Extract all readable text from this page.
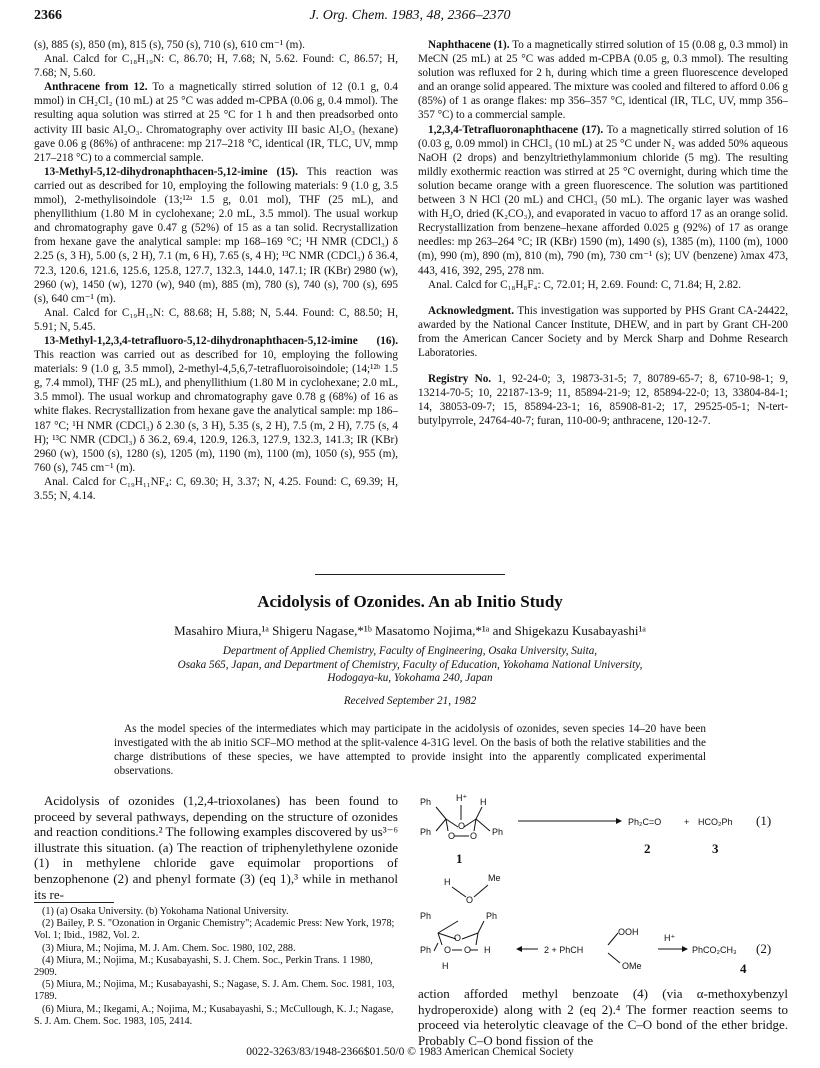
2366	J. Org. Chem. 1983, 48, 2366–2370

(s), 885 (s), 850 (m), 815 (s), 750 (s), 710 (s), 610 cm⁻¹ (m).

Anal. Calcd for C₁₈H₁₉N: C, 86.70; H, 7.68; N, 5.62. Found: C, 86.57; H, 7.68; N, 5.60.

Anthracene from 12. To a magnetically stirred solution of 12 (0.1 g, 0.4 mmol) in CH₂Cl₂ (10 mL) at 25 °C was added m-CPBA (0.06 g, 0.4 mmol). The resulting aqua solution was stirred at 25 °C for 1 h and then preadsorbed onto activity III basic Al₂O₃. Chromatography over activity III basic Al₂O₃ (hexane) gave 0.06 g (86%) of anthracene: mp 217–218 °C, identical (IR, TLC, UV, mmp 217–218 °C) to a commercial sample.

13-Methyl-5,12-dihydronaphthacen-5,12-imine (15). This reaction was carried out as described for 10, employing the following materials: 9 (1.0 g, 3.5 mmol), 2-methylisoindole (13;¹²ᵃ 1.5 g, 0.01 mol), THF (25 mL), and phenyllithium (1.80 M in cyclohexane; 2.0 mL, 3.5 mmol). The usual workup and chromatography gave 0.47 g (52%) of 15 as a tan solid. Recrystallization from hexane gave the analytical sample: mp 168–169 °C; ¹H NMR (CDCl₃) δ 2.25 (s, 3 H), 5.00 (s, 2 H), 7.1 (m, 6 H), 7.65 (s, 4 H); ¹³C NMR (CDCl₃) δ 36.4, 72.3, 120.6, 121.6, 125.6, 125.8, 127.7, 132.3, 144.0, 147.1; IR (KBr) 2980 (w), 2960 (w), 1450 (w), 1270 (w), 940 (m), 885 (m), 780 (s), 740 (s), 700 (s), 695 (s), 640 cm⁻¹ (m).

Anal. Calcd for C₁₉H₁₅N: C, 88.68; H, 5.88; N, 5.44. Found: C, 88.50; H, 5.91; N, 5.45.

13-Methyl-1,2,3,4-tetrafluoro-5,12-dihydronaphthacen-5,12-imine (16). This reaction was carried out as described for 10, employing the following materials: 9 (1.0 g, 3.5 mmol), 2-methyl-4,5,6,7-tetrafluoroisoindole; (14;¹²ᵇ 1.5 g, 7.4 mmol), THF (25 mL), and phenyllithium (1.80 M in cyclohexane; 2.0 mL, 3.5 mmol). The usual workup and chromatography gave 0.78 g (68%) of 16 as white flakes. Recrystallization from hexane gave the analytical sample: mp 186–187 °C; ¹H NMR (CDCl₃) δ 2.30 (s, 3 H), 5.35 (s, 2 H), 7.5 (m, 2 H), 7.75 (s, 4 H); ¹³C NMR (CDCl₃) δ 36.2, 69.4, 120.9, 126.3, 127.9, 132.3, 141.3; IR (KBr) 2960 (w), 1500 (s), 1280 (s), 1205 (m), 1190 (m), 1100 (m), 1050 (s), 955 (m), 760 (s), 745 cm⁻¹ (m).

Anal. Calcd for C₁₉H₁₁NF₄: C, 69.30; H, 3.37; N, 4.25. Found: C, 69.39; H, 3.55; N, 4.14.

Naphthacene (1). To a magnetically stirred solution of 15 (0.08 g, 0.3 mmol) in MeCN (25 mL) at 25 °C was added m-CPBA (0.05 g, 0.3 mmol). The resulting solution was refluxed for 2 h, during which time a green fluorescence developed and an orange solid appeared. The mixture was cooled and filtered to afford 0.06 g (85%) of 1 as orange flakes: mp 356–357 °C, identical (IR, TLC, UV, mmp 356–357 °C) to a commercial sample.

1,2,3,4-Tetrafluoronaphthacene (17). To a magnetically stirred solution of 16 (0.03 g, 0.09 mmol) in CHCl₃ (10 mL) at 25 °C under N₂ was added 50% aqueous NaOH (2 drops) and benzyltriethylammonium chloride (5 mg). The resulting mildly exothermic reaction was stirred at 25 °C overnight, during which time the solution became orange with a green fluorescence. The solution was partitioned between 3 N HCl (20 mL) and CHCl₃ (50 mL). The organic layer was washed with H₂O, dried (K₂CO₃), and evaporated in vacuo to afford 17 as an orange solid. Recrystallization from benzene–hexane afforded 0.025 g (92%) of 17 as orange needles: mp 263–264 °C; IR (KBr) 1590 (m), 1490 (s), 1385 (m), 1100 (m), 1000 (m), 990 (m), 890 (m), 810 (m), 790 (m), 730 cm⁻¹ (s); UV (benzene) λmax 473, 443, 416, 392, 295, 278 nm.

Anal. Calcd for C₁₈H₈F₄: C, 72.01; H, 2.69. Found: C, 71.84; H, 2.82.

Acknowledgment. This investigation was supported by PHS Grant CA-24422, awarded by the National Cancer Institute, DHEW, and in part by Grant CH-200 from the American Cancer Society and by Merck Sharp and Dohme Research Laboratories.

Registry No. 1, 92-24-0; 3, 19873-31-5; 7, 80789-65-7; 8, 6710-98-1; 9, 13214-70-5; 10, 22187-13-9; 11, 85894-21-9; 12, 85894-22-0; 13, 33804-84-1; 14, 38053-09-7; 15, 85894-23-1; 16, 85908-81-2; 17, 29525-05-1; N-tert-butylpyrrole, 24764-40-7; furan, 110-00-9; anthracene, 120-12-7.

Acidolysis of Ozonides. An ab Initio Study
Masahiro Miura,¹ᵃ Shigeru Nagase,*¹ᵇ Masatomo Nojima,*¹ᵃ and Shigekazu Kusabayashi¹ᵃ
Department of Applied Chemistry, Faculty of Engineering, Osaka University, Suita,
Osaka 565, Japan, and Department of Chemistry, Faculty of Education, Yokohama National University,
Hodogaya-ku, Yokohama 240, Japan
Received September 21, 1982
As the model species of the intermediates which may participate in the acidolysis of ozonides, seven species 14–20 have been investigated with the ab initio SCF–MO method at the split-valence 4-31G level. On the basis of both the relative stabilities and the charge distributions of these species, we have attempted to provide insight into the apparently complicated experimental observations.
Acidolysis of ozonides (1,2,4-trioxolanes) has been found to proceed by several pathways, depending on the structure of ozonides and reaction conditions.² The following examples discovered by us³⁻⁶ illustrate this situation. (a) The reaction of triphenylethylene ozonide (1) in methylene chloride gave equimolar proportions of benzophenone (2) and phenyl formate (3) (eq 1),³ while in methanol its re-

(1) (a) Osaka University. (b) Yokohama National University.

(2) Bailey, P. S. "Ozonation in Organic Chemistry"; Academic Press: New York, 1978; Vol. 1; Ibid., 1982, Vol. 2.

(3) Miura, M.; Nojima, M. J. Am. Chem. Soc. 1980, 102, 288.

(4) Miura, M.; Nojima, M.; Kusabayashi, S. J. Chem. Soc., Perkin Trans. 1 1980, 2909.

(5) Miura, M.; Nojima, M.; Kusabayashi, S.; Nagase, S. J. Am. Chem. Soc. 1981, 103, 1789.

(6) Miura, M.; Ikegami, A.; Nojima, M.; Kusabayashi, S.; McCullough, K. J.; Nagase, S. J. Am. Chem. Soc. 1983, 105, 2414.

Ph	H⁺ H
Ph	Ph
O
O O
Ph₂C=O	+ HCO₂Ph
1
2	3
4
H	Me
O
Ph	Ph
Ph
O
O O H
H
2 + PhCH
OOH
OMe
H⁺
PhCO₂CH₃
(1)
(2)
action afforded methyl benzoate (4) (via α-methoxybenzyl hydroperoxide) along with 2 (eq 2).⁴ The former reaction seems to proceed via heterolytic cleavage of the C–O bond of the ether bridge. Probably C–O bond fission of the
0022-3263/83/1948-2366$01.50/0 © 1983 American Chemical Society
